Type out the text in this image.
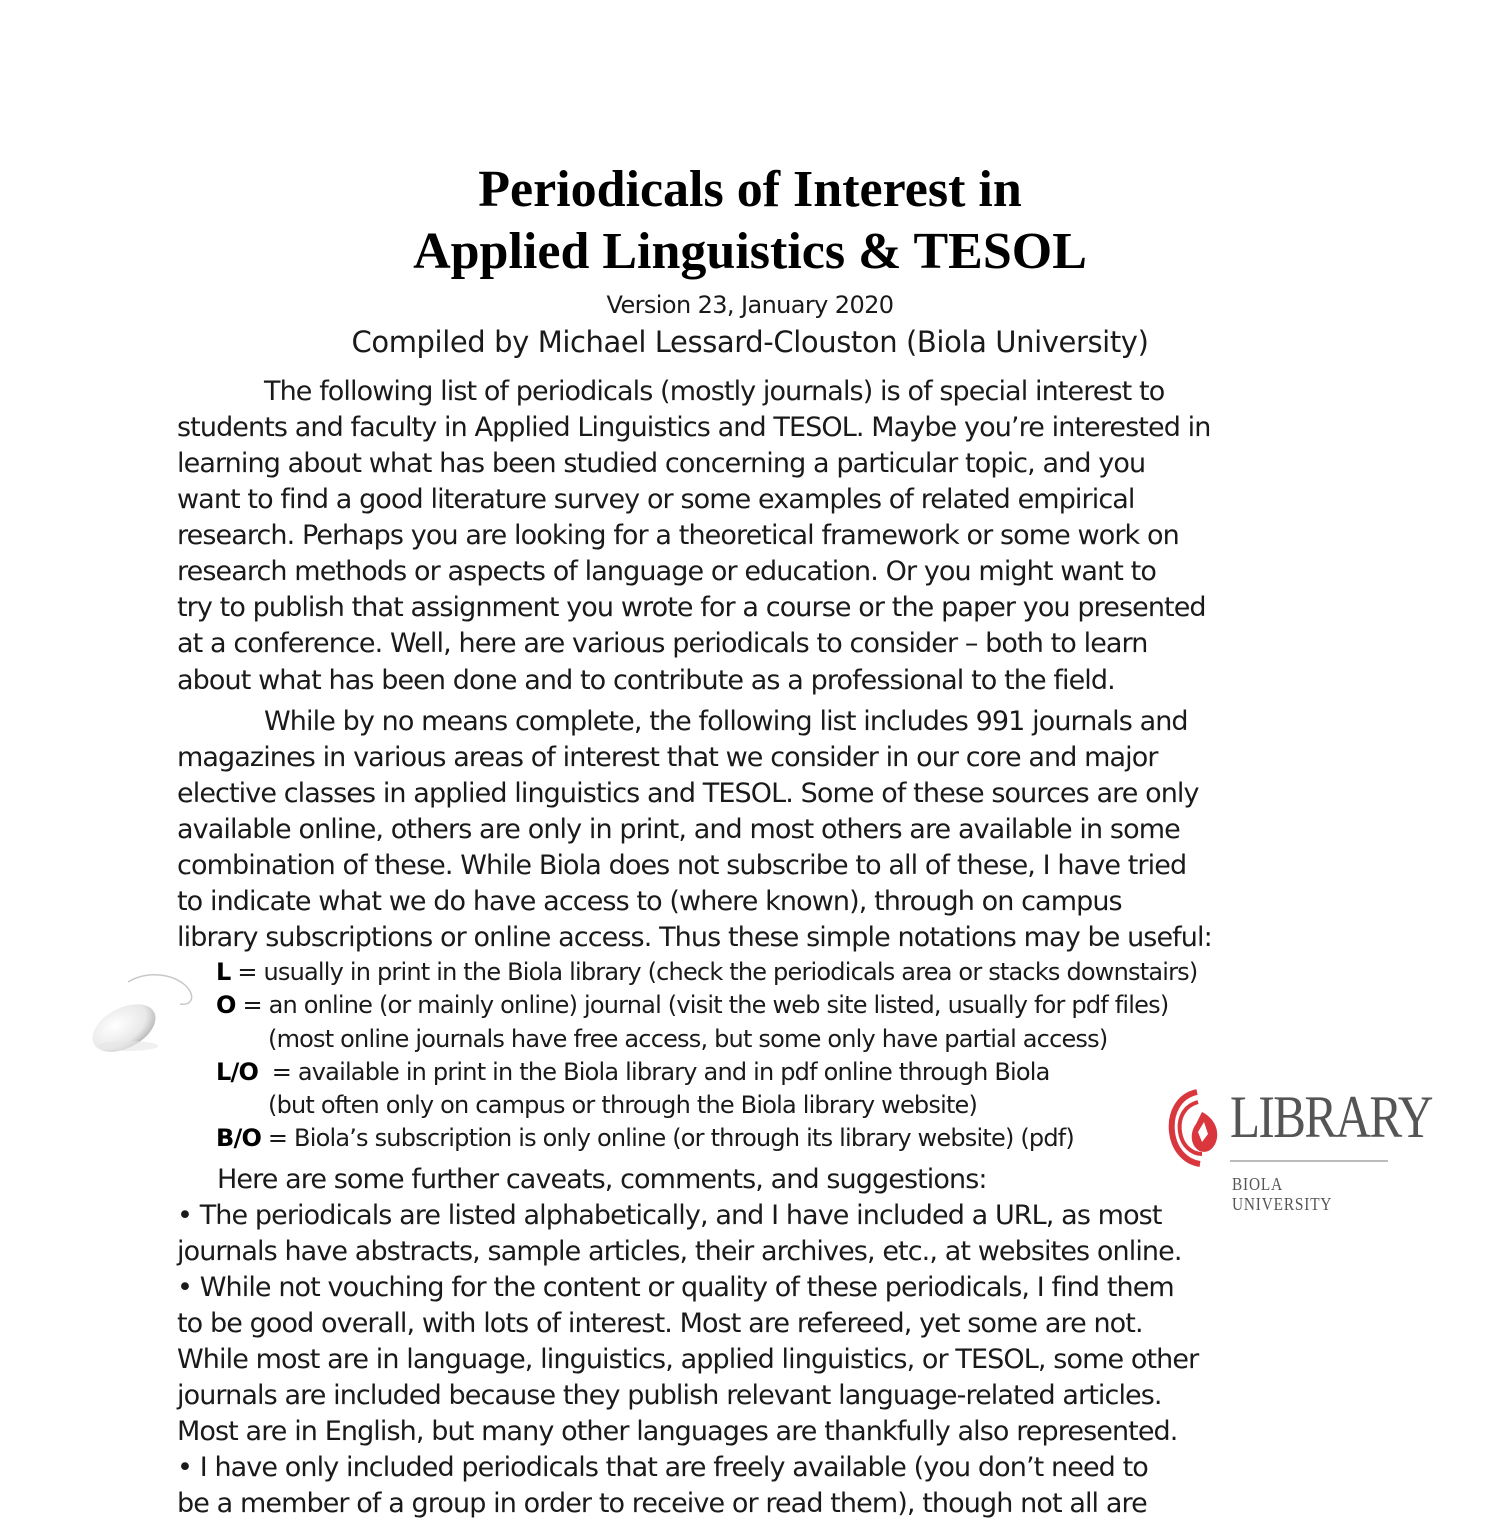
Periodicals of Interest in
Applied Linguistics & TESOL
Version 23, January 2020
Compiled by Michael Lessard-Clouston (Biola University)
The following list of periodicals (mostly journals) is of special interest to
students and faculty in Applied Linguistics and TESOL. Maybe you’re interested in
learning about what has been studied concerning a particular topic, and you
want to find a good literature survey or some examples of related empirical
research. Perhaps you are looking for a theoretical framework or some work on
research methods or aspects of language or education. Or you might want to
try to publish that assignment you wrote for a course or the paper you presented
at a conference. Well, here are various periodicals to consider – both to learn
about what has been done and to contribute as a professional to the field.
While by no means complete, the following list includes 991 journals and
magazines in various areas of interest that we consider in our core and major
elective classes in applied linguistics and TESOL. Some of these sources are only
available online, others are only in print, and most others are available in some
combination of these. While Biola does not subscribe to all of these, I have tried
to indicate what we do have access to (where known), through on campus
library subscriptions or online access. Thus these simple notations may be useful:
L = usually in print in the Biola library (check the periodicals area or stacks downstairs)
O = an online (or mainly online) journal (visit the web site listed, usually for pdf files)
(most online journals have free access, but some only have partial access)
L/O  = available in print in the Biola library and in pdf online through Biola
(but often only on campus or through the Biola library website)
B/O = Biola’s subscription is only online (or through its library website) (pdf)	LIBRARY
BIOLA UNIVERSITY
Here are some further caveats, comments, and suggestions:
• The periodicals are listed alphabetically, and I have included a URL, as most
journals have abstracts, sample articles, their archives, etc., at websites online.
• While not vouching for the content or quality of these periodicals, I find them
to be good overall, with lots of interest. Most are refereed, yet some are not.
While most are in language, linguistics, applied linguistics, or TESOL, some other
journals are included because they publish relevant language-related articles.
Most are in English, but many other languages are thankfully also represented.
• I have only included periodicals that are freely available (you don’t need to
be a member of a group in order to receive or read them), though not all are
